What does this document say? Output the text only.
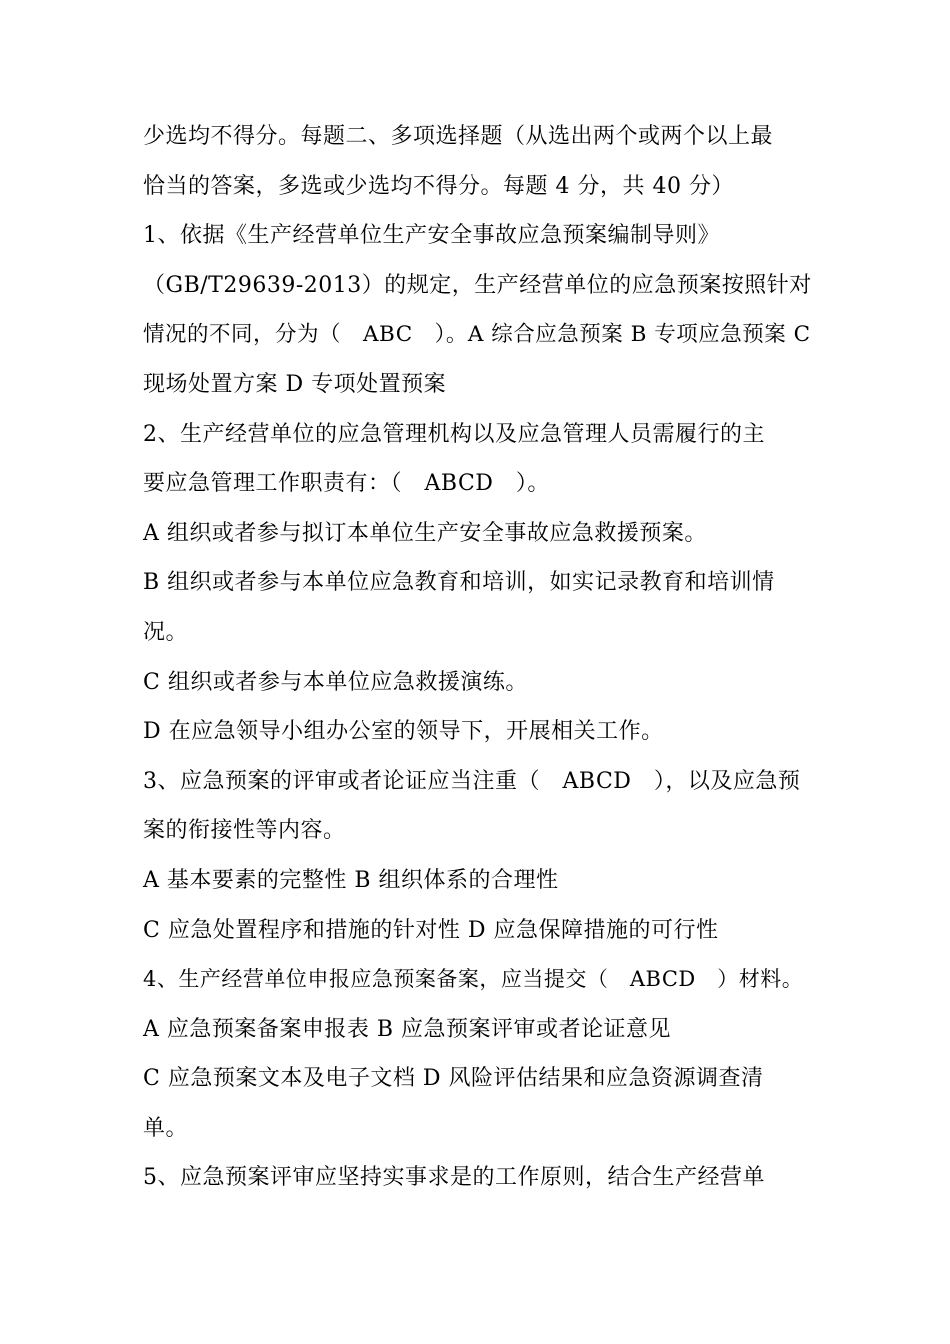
少选均不得分。每题二、多项选择题（从选出两个或两个以上最

恰当的答案，多选或少选均不得分。每题 4 分，共 40 分）

1、依据《生产经营单位生产安全事故应急预案编制导则》

（GB/T29639-2013）的规定，生产经营单位的应急预案按照针对

情况的不同，分为（　ABC　）。A 综合应急预案 B 专项应急预案 C

现场处置方案 D 专项处置预案

2、生产经营单位的应急管理机构以及应急管理人员需履行的主

要应急管理工作职责有：（　ABCD　）。

A 组织或者参与拟订本单位生产安全事故应急救援预案。

B 组织或者参与本单位应急教育和培训，如实记录教育和培训情

况。

C 组织或者参与本单位应急救援演练。

D 在应急领导小组办公室的领导下，开展相关工作。

3、应急预案的评审或者论证应当注重（　ABCD　），以及应急预

案的衔接性等内容。

A 基本要素的完整性 B 组织体系的合理性

C 应急处置程序和措施的针对性 D 应急保障措施的可行性

4、生产经营单位申报应急预案备案，应当提交（　ABCD　）材料。

A 应急预案备案申报表 B 应急预案评审或者论证意见

C 应急预案文本及电子文档 D 风险评估结果和应急资源调查清

单。

5、应急预案评审应坚持实事求是的工作原则，结合生产经营单
